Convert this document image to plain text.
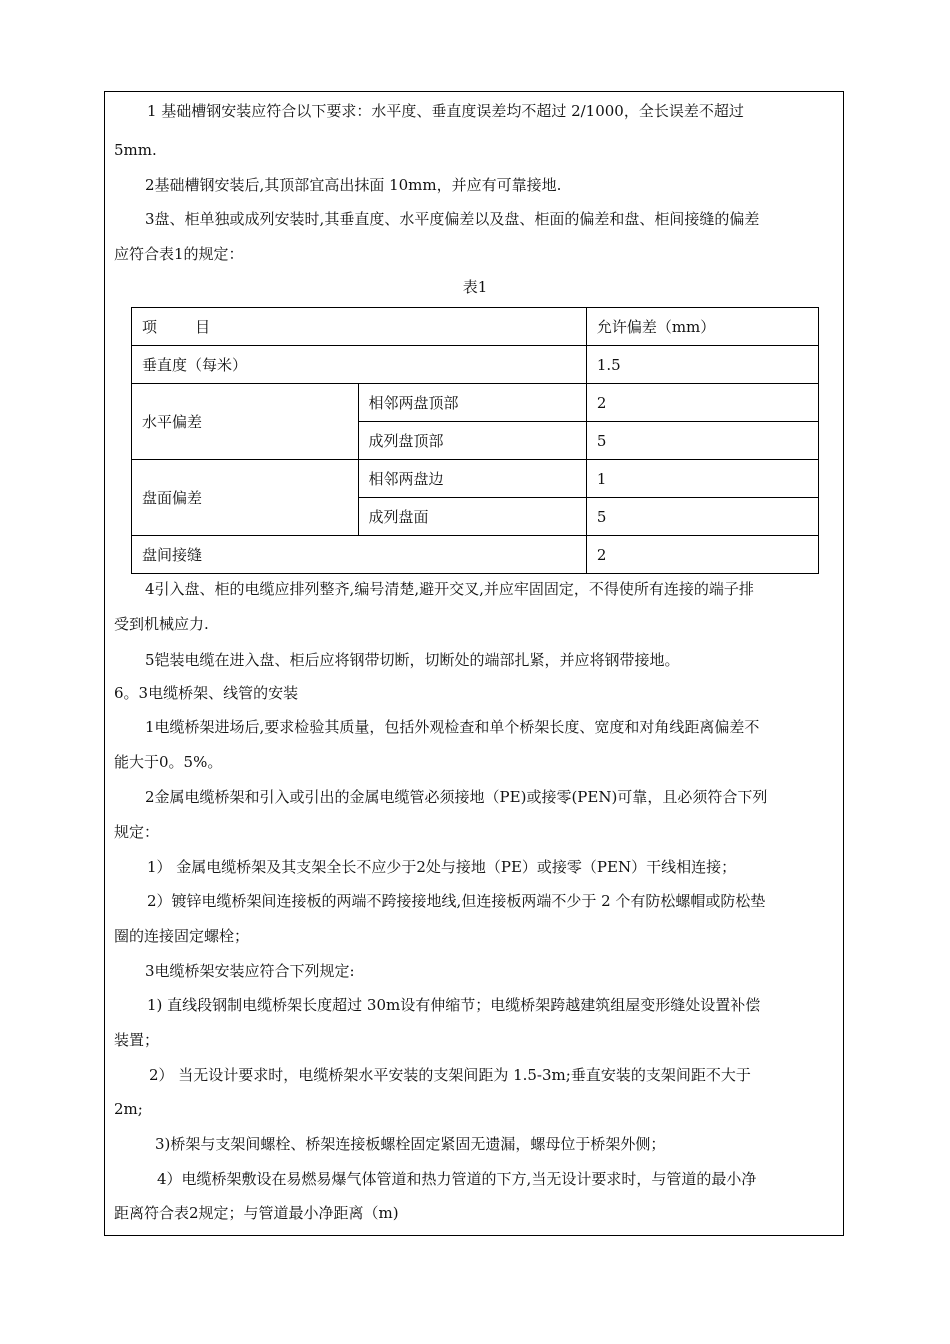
1 基础槽钢安装应符合以下要求：水平度、垂直度误差均不超过 2/1000，全长误差不超过
5mm.
2基础槽钢安装后,其顶部宜高出抹面 10mm，并应有可靠接地.
3盘、柜单独或成列安装时,其垂直度、水平度偏差以及盘、柜面的偏差和盘、柜间接缝的偏差
应符合表1的规定：
表1
项        目		允许偏差（mm）
垂直度（每米）		1.5
水平偏差	相邻两盘顶部	2
	成列盘顶部	5
盘面偏差	相邻两盘边	1
	成列盘面	5
盘间接缝		2
4引入盘、柜的电缆应排列整齐,编号清楚,避开交叉,并应牢固固定，不得使所有连接的端子排
受到机械应力.
5铠装电缆在进入盘、柜后应将钢带切断，切断处的端部扎紧，并应将钢带接地。
6。3电缆桥架、线管的安装
1电缆桥架进场后,要求检验其质量，包括外观检查和单个桥架长度、宽度和对角线距离偏差不
能大于0。5%。
2金属电缆桥架和引入或引出的金属电缆管必须接地（PE)或接零(PEN)可靠，且必须符合下列
规定：
1） 金属电缆桥架及其支架全长不应少于2处与接地（PE）或接零（PEN）干线相连接；
2）镀锌电缆桥架间连接板的两端不跨接接地线,但连接板两端不少于 2 个有防松螺帽或防松垫
圈的连接固定螺栓；
3电缆桥架安装应符合下列规定:
1) 直线段钢制电缆桥架长度超过 30m设有伸缩节；电缆桥架跨越建筑组屋变形缝处设置补偿
装置；
2） 当无设计要求时，电缆桥架水平安装的支架间距为 1.5-3m;垂直安装的支架间距不大于
2m;
3)桥架与支架间螺栓、桥架连接板螺栓固定紧固无遗漏，螺母位于桥架外侧；
4）电缆桥架敷设在易燃易爆气体管道和热力管道的下方,当无设计要求时，与管道的最小净
距离符合表2规定；与管道最小净距离（m)
